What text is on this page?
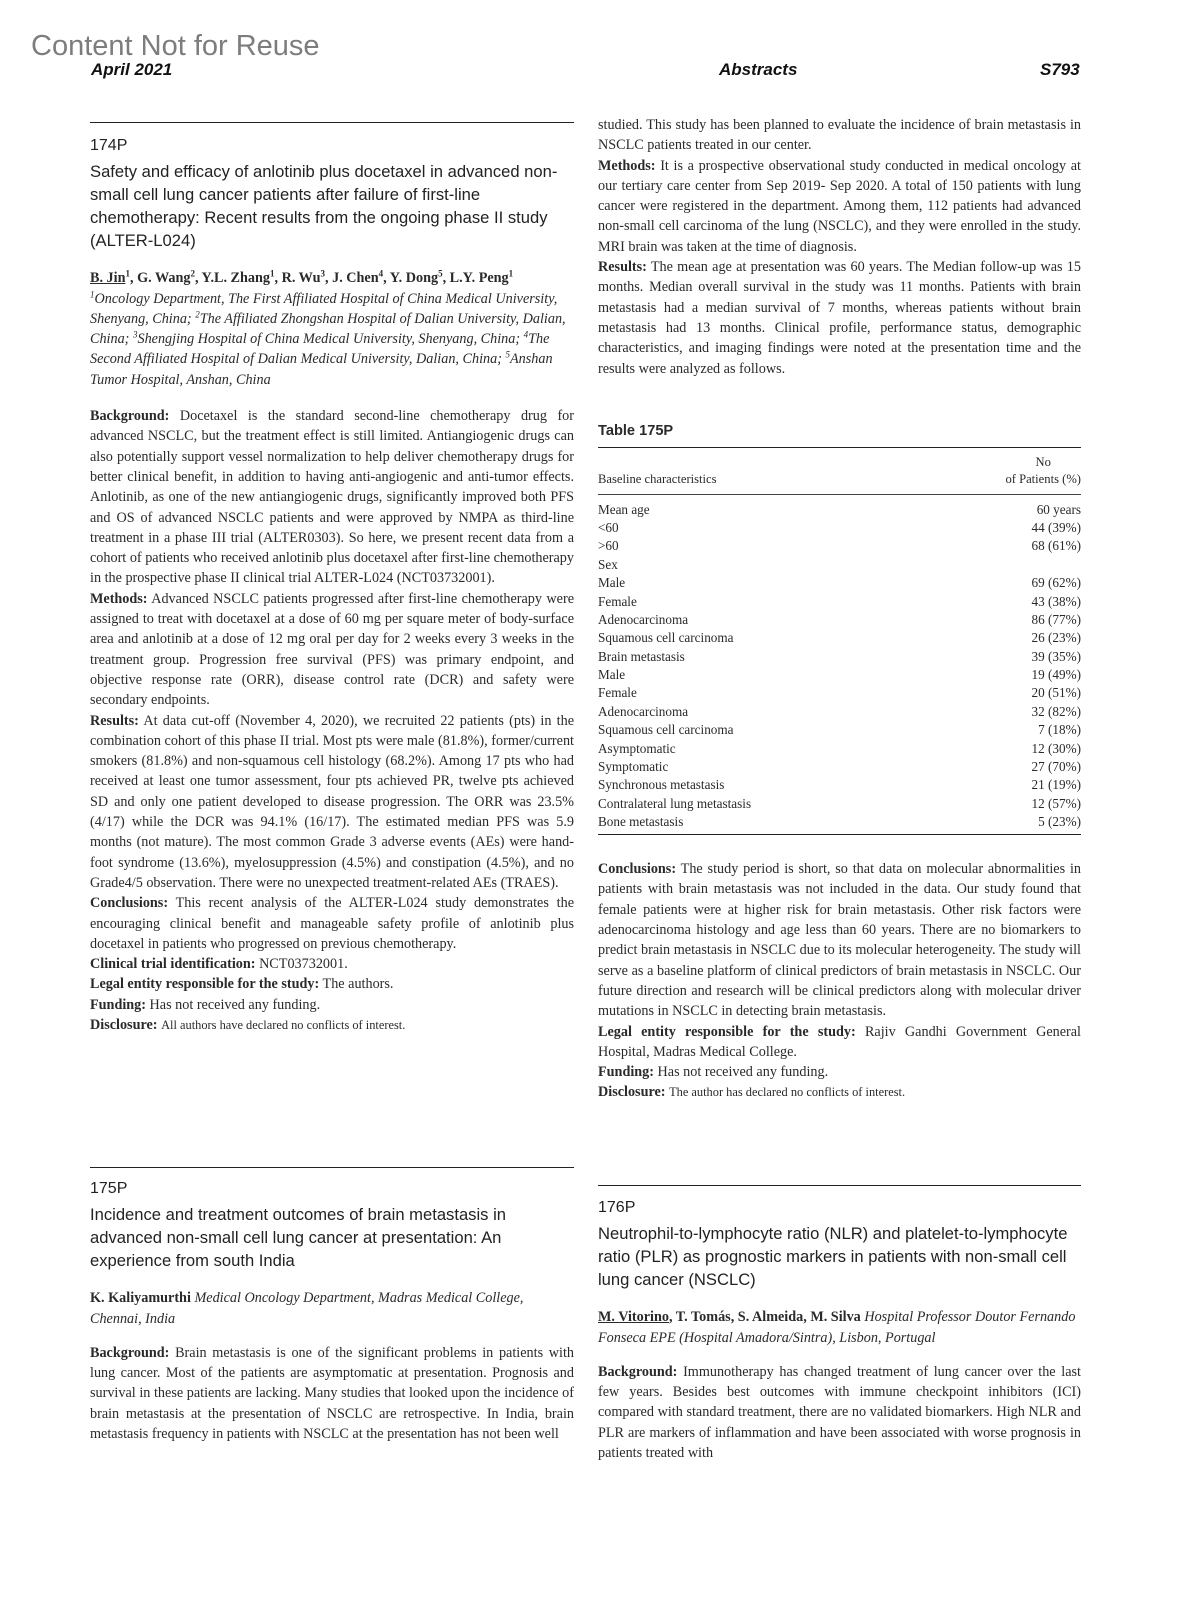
Content Not for Reuse
April 2021	Abstracts	S793
174P
Safety and efficacy of anlotinib plus docetaxel in advanced non-small cell lung cancer patients after failure of first-line chemotherapy: Recent results from the ongoing phase II study (ALTER-L024)
B. Jin$^1$, G. Wang$^2$, Y.L. Zhang$^1$, R. Wu$^3$, J. Chen$^4$, Y. Dong$^5$, L.Y. Peng$^1$
$^1$Oncology Department, The First Affiliated Hospital of China Medical University, Shenyang, China; $^2$The Affiliated Zhongshan Hospital of Dalian University, Dalian, China; $^3$Shengjing Hospital of China Medical University, Shenyang, China; $^4$The Second Affiliated Hospital of Dalian Medical University, Dalian, China; $^5$Anshan Tumor Hospital, Anshan, China

Background: Docetaxel is the standard second-line chemotherapy drug for advanced NSCLC, but the treatment effect is still limited. Antiangiogenic drugs can also potentially support vessel normalization to help deliver chemotherapy drugs for better clinical benefit, in addition to having anti-angiogenic and anti-tumor effects. Anlotinib, as one of the new antiangiogenic drugs, significantly improved both PFS and OS of advanced NSCLC patients and were approved by NMPA as third-line treatment in a phase III trial (ALTER0303). So here, we present recent data from a cohort of patients who received anlotinib plus docetaxel after first-line chemotherapy in the prospective phase II clinical trial ALTER-L024 (NCT03732001).

Methods: Advanced NSCLC patients progressed after first-line chemotherapy were assigned to treat with docetaxel at a dose of 60 mg per square meter of body-surface area and anlotinib at a dose of 12 mg oral per day for 2 weeks every 3 weeks in the treatment group. Progression free survival (PFS) was primary endpoint, and objective response rate (ORR), disease control rate (DCR) and safety were secondary endpoints.

Results: At data cut-off (November 4, 2020), we recruited 22 patients (pts) in the combination cohort of this phase II trial. Most pts were male (81.8%), former/current smokers (81.8%) and non-squamous cell histology (68.2%). Among 17 pts who had received at least one tumor assessment, four pts achieved PR, twelve pts achieved SD and only one patient developed to disease progression. The ORR was 23.5% (4/17) while the DCR was 94.1% (16/17). The estimated median PFS was 5.9 months (not mature). The most common Grade 3 adverse events (AEs) were hand-foot syndrome (13.6%), myelosuppression (4.5%) and constipation (4.5%), and no Grade4/5 observation. There were no unexpected treatment-related AEs (TRAES).

Conclusions: This recent analysis of the ALTER-L024 study demonstrates the encouraging clinical benefit and manageable safety profile of anlotinib plus docetaxel in patients who progressed on previous chemotherapy.

Clinical trial identification: NCT03732001.

Legal entity responsible for the study: The authors.

Funding: Has not received any funding.

Disclosure: All authors have declared no conflicts of interest.

175P
Incidence and treatment outcomes of brain metastasis in advanced non-small cell lung cancer at presentation: An experience from south India
K. Kaliyamurthi Medical Oncology Department, Madras Medical College, Chennai, India

Background: Brain metastasis is one of the significant problems in patients with lung cancer. Most of the patients are asymptomatic at presentation. Prognosis and survival in these patients are lacking. Many studies that looked upon the incidence of brain metastasis at the presentation of NSCLC are retrospective. In India, brain metastasis frequency in patients with NSCLC at the presentation has not been well

studied. This study has been planned to evaluate the incidence of brain metastasis in NSCLC patients treated in our center.

Methods: It is a prospective observational study conducted in medical oncology at our tertiary care center from Sep 2019- Sep 2020. A total of 150 patients with lung cancer were registered in the department. Among them, 112 patients had advanced non-small cell carcinoma of the lung (NSCLC), and they were enrolled in the study. MRI brain was taken at the time of diagnosis.

Results: The mean age at presentation was 60 years. The Median follow-up was 15 months. Median overall survival in the study was 11 months. Patients with brain metastasis had a median survival of 7 months, whereas patients without brain metastasis had 13 months. Clinical profile, performance status, demographic characteristics, and imaging findings were noted at the presentation time and the results were analyzed as follows.

Table 175P
Baseline characteristics
No
of Patients (%)
Mean age	60 years
<60	44 (39%)
>60	68 (61%)
Sex	
Male	69 (62%)
Female	43 (38%)
Adenocarcinoma	86 (77%)
Squamous cell carcinoma	26 (23%)
Brain metastasis	39 (35%)
Male	19 (49%)
Female	20 (51%)
Adenocarcinoma	32 (82%)
Squamous cell carcinoma	7 (18%)
Asymptomatic	12 (30%)
Symptomatic	27 (70%)
Synchronous metastasis	21 (19%)
Contralateral lung metastasis	12 (57%)
Bone metastasis	5 (23%)

Conclusions: The study period is short, so that data on molecular abnormalities in patients with brain metastasis was not included in the data. Our study found that female patients were at higher risk for brain metastasis. Other risk factors were adenocarcinoma histology and age less than 60 years. There are no biomarkers to predict brain metastasis in NSCLC due to its molecular heterogeneity. The study will serve as a baseline platform of clinical predictors of brain metastasis in NSCLC. Our future direction and research will be clinical predictors along with molecular driver mutations in NSCLC in detecting brain metastasis.

Legal entity responsible for the study: Rajiv Gandhi Government General Hospital, Madras Medical College.

Funding: Has not received any funding.

Disclosure: The author has declared no conflicts of interest.

176P
Neutrophil-to-lymphocyte ratio (NLR) and platelet-to-lymphocyte ratio (PLR) as prognostic markers in patients with non-small cell lung cancer (NSCLC)
M. Vitorino, T. Tomás, S. Almeida, M. Silva Hospital Professor Doutor Fernando Fonseca EPE (Hospital Amadora/Sintra), Lisbon, Portugal

Background: Immunotherapy has changed treatment of lung cancer over the last few years. Besides best outcomes with immune checkpoint inhibitors (ICI) compared with standard treatment, there are no validated biomarkers. High NLR and PLR are markers of inflammation and have been associated with worse prognosis in patients treated with
